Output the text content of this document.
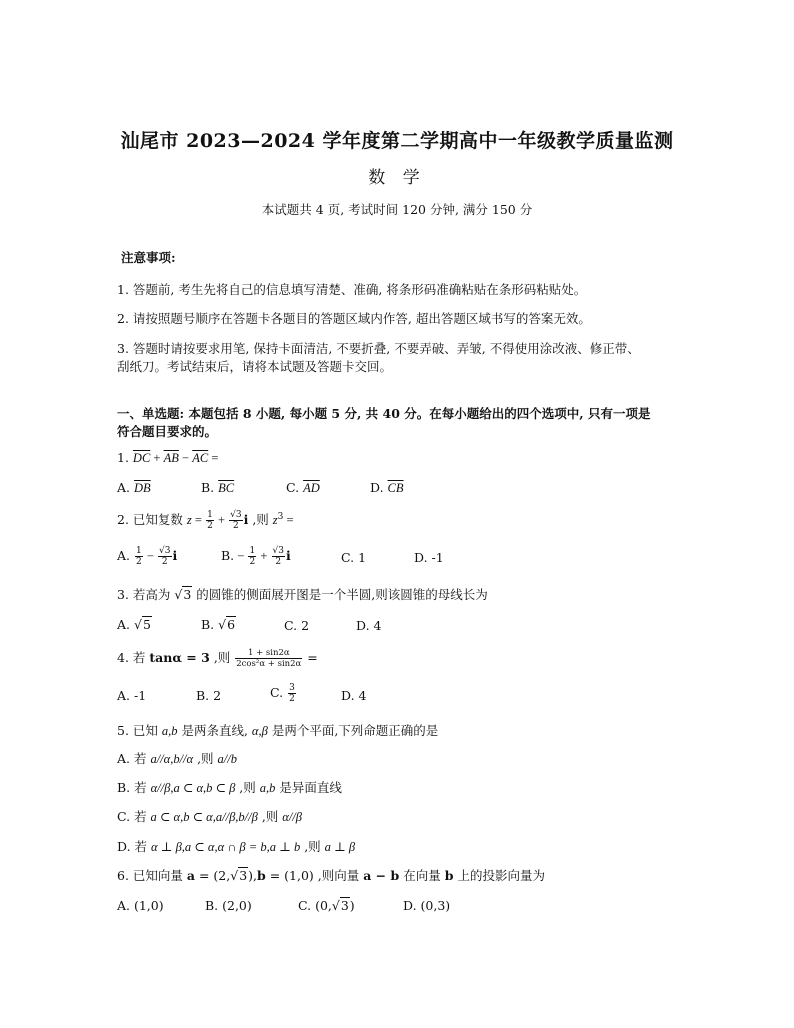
汕尾市 2023—2024 学年度第二学期高中一年级教学质量监测
数 学
本试题共 4 页, 考试时间 120 分钟, 满分 150 分
注意事项:
1. 答题前, 考生先将自己的信息填写清楚、准确, 将条形码准确粘贴在条形码粘贴处。
2. 请按照题号顺序在答题卡各题目的答题区域内作答, 超出答题区域书写的答案无效。
3. 答题时请按要求用笔, 保持卡面清洁, 不要折叠, 不要弄破、弄皱, 不得使用涂改液、修正带、
刮纸刀。考试结束后，请将本试题及答题卡交回。
一、单选题: 本题包括 8 小题, 每小题 5 分, 共 40 分。在每小题给出的四个选项中, 只有一项是
符合题目要求的。
1. $\overline{DC} + \overline{AB} - \overline{AC}$ =
A. $\overline{DB}$	B. $\overline{BC}$	C. $\overline{AD}$	D. $\overline{CB}$
2. 已知复数 $z = \frac{1}{2} + \frac{√3}{2}$ i ,则 $z^3$ =
A. $\frac{1}{2} - \frac{√3}{2}$ i	B. − $\frac{1}{2} + \frac{√3}{2}$ i	C. 1	D. -1
3. 若高为 √3 的圆锥的侧面展开图是一个半圆,则该圆锥的母线长为
A. √5	B. √6	C. 2	D. 4
4. 若 tanα = 3 ,则 $\frac{1 + \sin 2\alpha}{\text{2cos²α + sin2α}}$ =
A. -1	B. 2	C. $\frac{3}{2}$	D. 4
5. 已知 a,b 是两条直线, α,β 是两个平面,下列命题正确的是
A. 若 a//α,b//α ,则 a//b
B. 若 α//β,a ⊂ α,b ⊂ β ,则 a,b 是异面直线
C. 若 a ⊂ α,b ⊂ α,a//β,b//β ,则 α//β
D. 若 α ⊥ β,a ⊂ α,α ∩ β = b,a ⊥ b ,则 a ⊥ β
6. 已知向量 a = (2,√3),b = (1,0) ,则向量 a − b 在向量 b 上的投影向量为
A. (1,0)	B. (2,0)	C. (0,√3)	D. (0,3)
